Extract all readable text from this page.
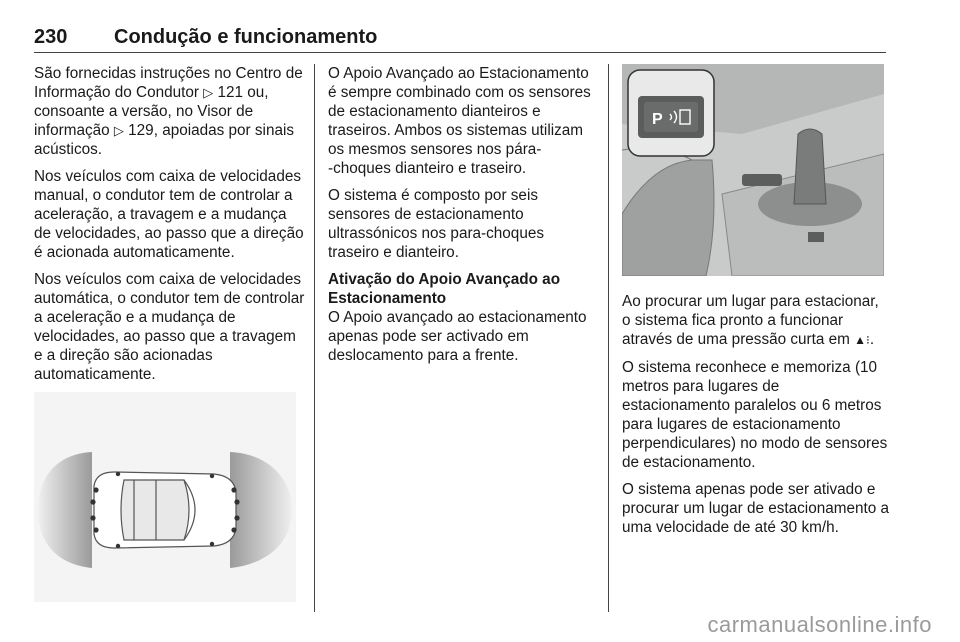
230 Condução e funcionamento

São fornecidas instruções no Centro de Informação do Condutor ▷ 121 ou, consoante a versão, no Visor de informação ▷ 129, apoiadas por sinais acústicos.

Nos veículos com caixa de velocidades manual, o condutor tem de controlar a aceleração, a travagem e a mudança de velocidades, ao passo que a direção é acionada automaticamente.

Nos veículos com caixa de velocidades automática, o condutor tem de controlar a aceleração e a mudança de velocidades, ao passo que a travagem e a direção são acionadas automaticamente.

O Apoio Avançado ao Estacionamento é sempre combinado com os sensores de estacionamento dianteiros e traseiros. Ambos os sistemas utilizam os mesmos sensores nos pára-‑choques dianteiro e traseiro.

O sistema é composto por seis sensores de estacionamento ultrassónicos nos para-choques traseiro e dianteiro.

Ativação do Apoio Avançado ao Estacionamento

O Apoio avançado ao estacionamento apenas pode ser activado em deslocamento para a frente.

P

Ao procurar um lugar para estacionar, o sistema fica pronto a funcionar através de uma pressão curta em ▲⁝.

O sistema reconhece e memoriza (10 metros para lugares de estacionamento paralelos ou 6 metros para lugares de estacionamento perpendiculares) no modo de sensores de estacionamento.

O sistema apenas pode ser ativado e procurar um lugar de estacionamento a uma velocidade de até 30 km/h.

carmanualsonline.info
